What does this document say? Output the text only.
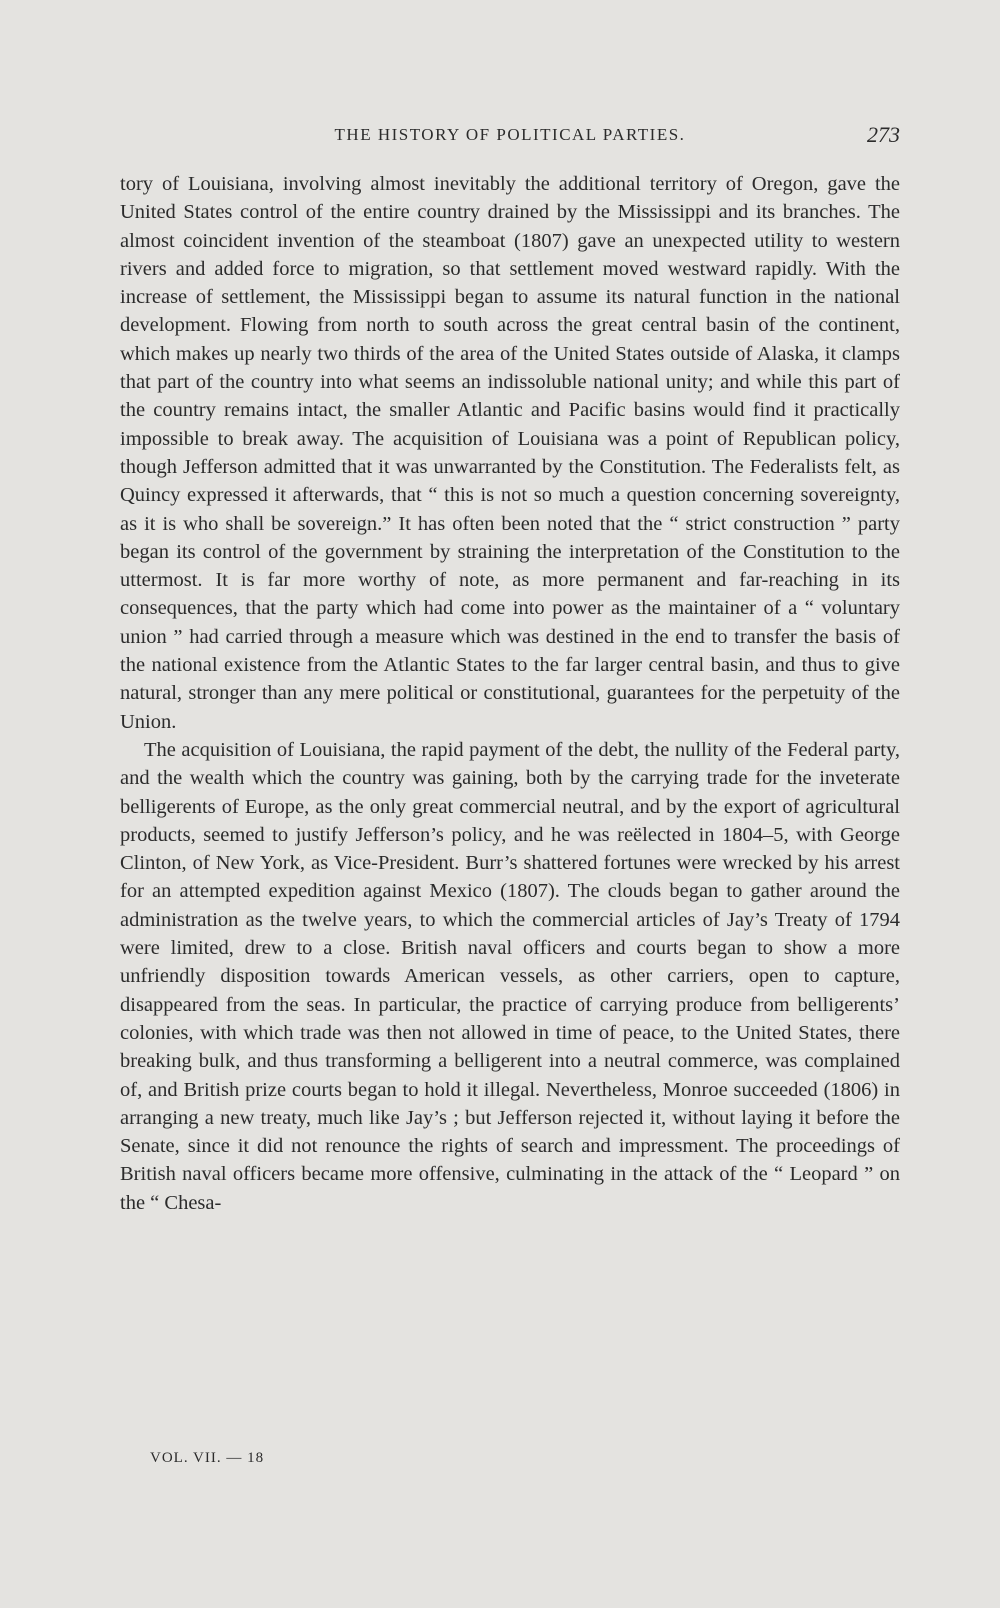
THE HISTORY OF POLITICAL PARTIES.	273

tory of Louisiana, involving almost inevitably the additional territory of Oregon, gave the United States control of the entire country drained by the Mississippi and its branches. The almost coincident invention of the steamboat (1807) gave an unexpected utility to western rivers and added force to migration, so that settlement moved westward rapidly. With the increase of settlement, the Mississippi began to assume its natural function in the national development. Flowing from north to south across the great central basin of the continent, which makes up nearly two thirds of the area of the United States outside of Alaska, it clamps that part of the country into what seems an indissoluble national unity; and while this part of the country remains intact, the smaller Atlantic and Pacific basins would find it practically impossible to break away. The acquisition of Louisiana was a point of Republican policy, though Jefferson admitted that it was unwarranted by the Constitution. The Federalists felt, as Quincy expressed it afterwards, that “ this is not so much a question concerning sovereignty, as it is who shall be sovereign.” It has often been noted that the “ strict construction ” party began its control of the government by straining the interpretation of the Constitution to the uttermost. It is far more worthy of note, as more permanent and far-reaching in its consequences, that the party which had come into power as the maintainer of a “ voluntary union ” had carried through a measure which was destined in the end to transfer the basis of the national existence from the Atlantic States to the far larger central basin, and thus to give natural, stronger than any mere political or constitutional, guarantees for the perpetuity of the Union.

The acquisition of Louisiana, the rapid payment of the debt, the nullity of the Federal party, and the wealth which the country was gaining, both by the carrying trade for the inveterate belligerents of Europe, as the only great commercial neutral, and by the export of agricultural products, seemed to justify Jefferson’s policy, and he was reëlected in 1804–5, with George Clinton, of New York, as Vice-President. Burr’s shattered fortunes were wrecked by his arrest for an attempted expedition against Mexico (1807). The clouds began to gather around the administration as the twelve years, to which the commercial articles of Jay’s Treaty of 1794 were limited, drew to a close. British naval officers and courts began to show a more unfriendly disposition towards American vessels, as other carriers, open to capture, disappeared from the seas. In particular, the practice of carrying produce from belligerents’ colonies, with which trade was then not allowed in time of peace, to the United States, there breaking bulk, and thus transforming a belligerent into a neutral commerce, was complained of, and British prize courts began to hold it illegal. Nevertheless, Monroe succeeded (1806) in arranging a new treaty, much like Jay’s ; but Jefferson rejected it, without laying it before the Senate, since it did not renounce the rights of search and impressment. The proceedings of British naval officers became more offensive, culminating in the attack of the “ Leopard ” on the “ Chesa-

VOL. VII. — 18
